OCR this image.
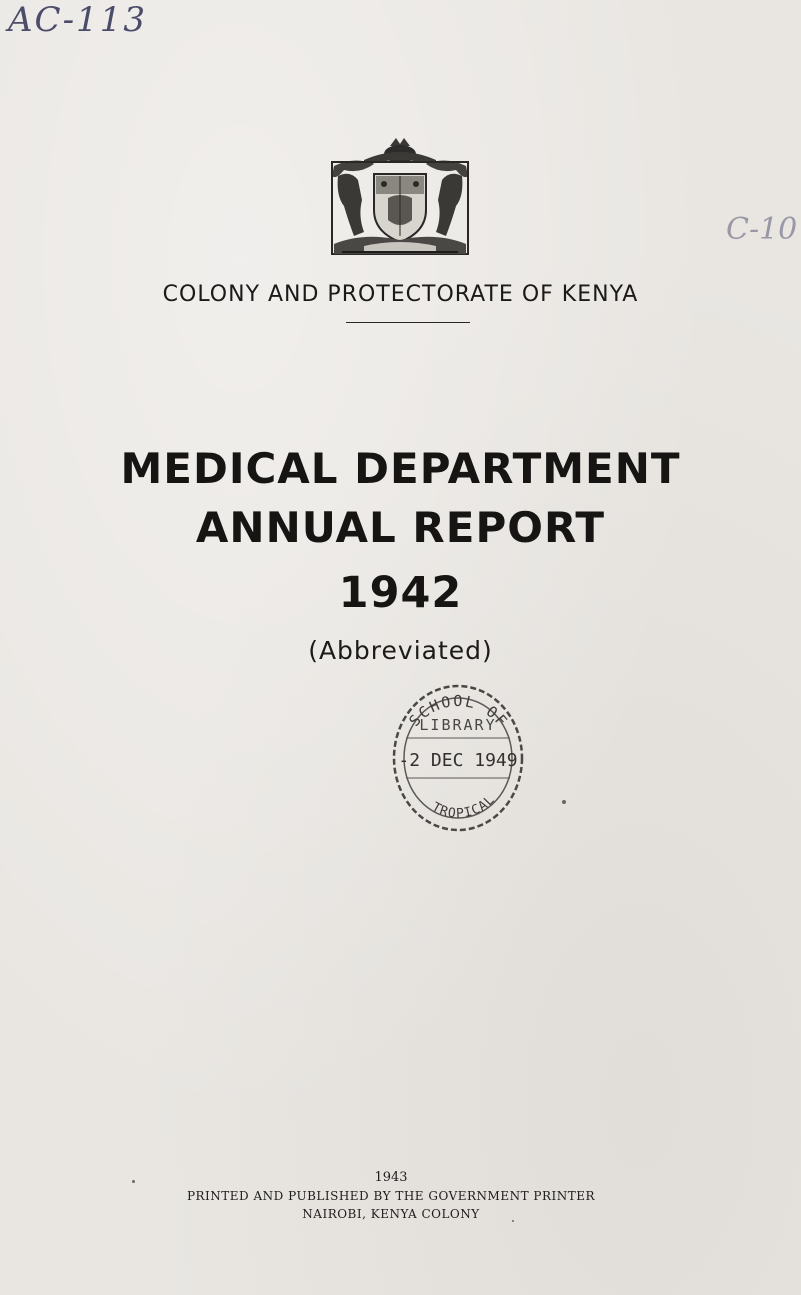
AC-113
C-10
COLONY AND PROTECTORATE OF KENYA
MEDICAL DEPARTMENT
ANNUAL REPORT
1942
(Abbreviated)
SCHOOL OF
LIBRARY
-2 DEC 1949
TROPICAL
1943
PRINTED AND PUBLISHED BY THE GOVERNMENT PRINTER
NAIROBI, KENYA COLONY
